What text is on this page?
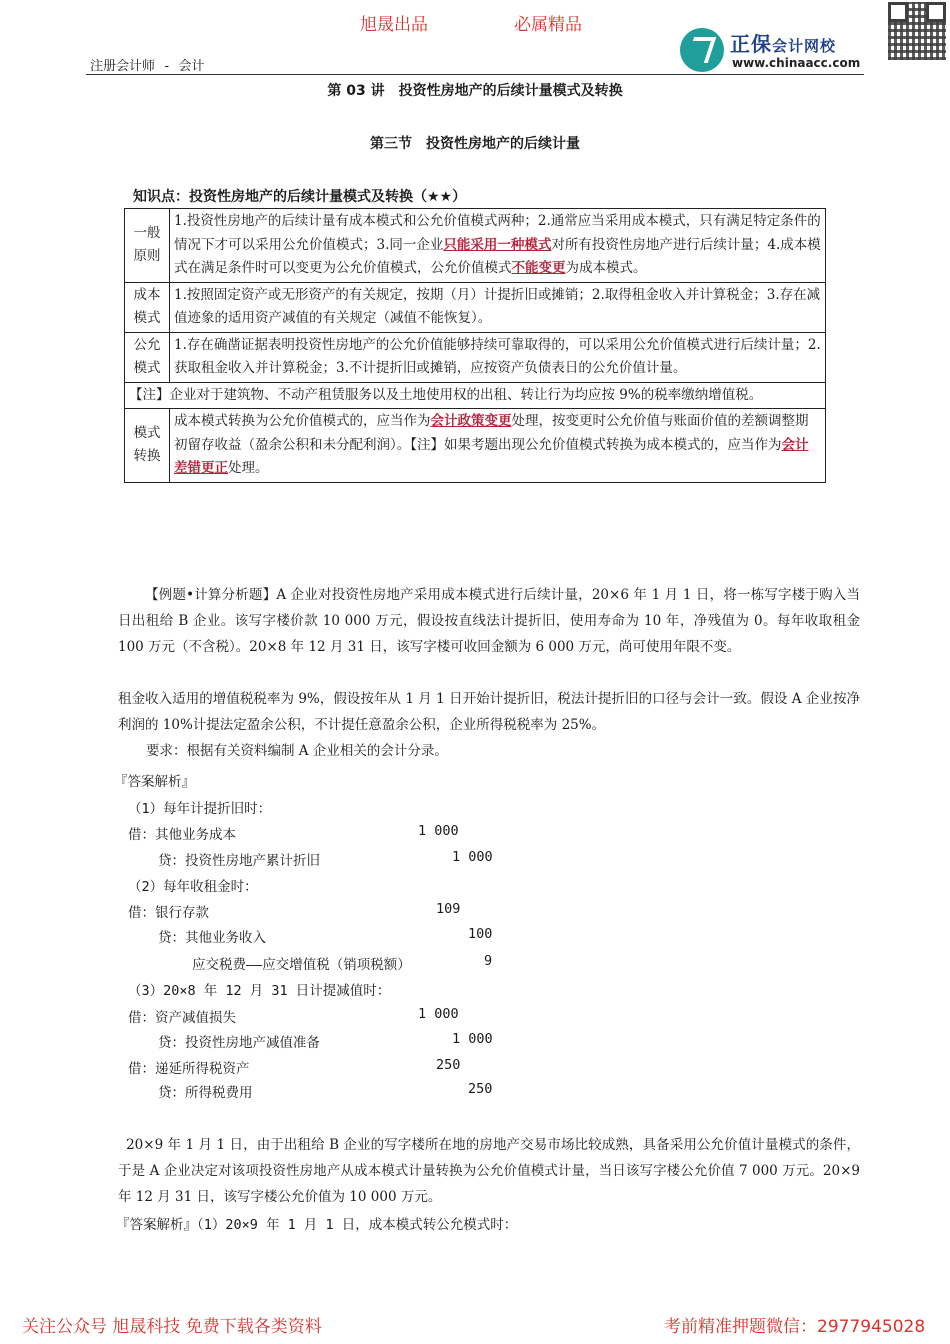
旭晟出品	必属精品
正保会计网校
www.chinaacc.com
注册会计师 - 会计
第 03 讲　投资性房地产的后续计量模式及转换
第三节　投资性房地产的后续计量
知识点：投资性房地产的后续计量模式及转换（★★）
一般原则	1.投资性房地产的后续计量有成本模式和公允价值模式两种；2.通常应当采用成本模式，只有满足特定条件的情况下才可以采用公允价值模式；3.同一企业只能采用一种模式对所有投资性房地产进行后续计量；4.成本模式在满足条件时可以变更为公允价值模式，公允价值模式不能变更为成本模式。
成本模式	1.按照固定资产或无形资产的有关规定，按期（月）计提折旧或摊销；2.取得租金收入并计算税金；3.存在减值迹象的适用资产减值的有关规定（减值不能恢复）。
公允模式	1.存在确凿证据表明投资性房地产的公允价值能够持续可靠取得的，可以采用公允价值模式进行后续计量；2.获取租金收入并计算税金；3.不计提折旧或摊销，应按资产负债表日的公允价值计量。
【注】企业对于建筑物、不动产租赁服务以及土地使用权的出租、转让行为均应按 9%的税率缴纳增值税。	
模式转换	成本模式转换为公允价值模式的，应当作为会计政策变更处理，按变更时公允价值与账面价值的差额调整期初留存收益（盈余公积和未分配利润）。【注】如果考题出现公允价值模式转换为成本模式的，应当作为会计差错更正处理。
【例题•计算分析题】A 企业对投资性房地产采用成本模式进行后续计量，20×6 年 1 月 1 日，将一栋写字楼于购入当日出租给 B 企业。该写字楼价款 10 000 万元，假设按直线法计提折旧，使用寿命为 10 年，净残值为 0。每年收取租金 100 万元（不含税）。20×8 年 12 月 31 日，该写字楼可收回金额为 6 000 万元，尚可使用年限不变。
租金收入适用的增值税税率为 9%，假设按年从 1 月 1 日开始计提折旧，税法计提折旧的口径与会计一致。假设 A 企业按净利润的 10%计提法定盈余公积，不计提任意盈余公积，企业所得税税率为 25%。
要求：根据有关资料编制 A 企业相关的会计分录。
『答案解析』
（1）每年计提折旧时：
借：其他业务成本	1 000
贷：投资性房地产累计折旧	1 000
（2）每年收租金时：
借：银行存款	109
贷：其他业务收入	100
应交税费——应交增值税（销项税额）	9
（3）20×8 年 12 月 31 日计提减值时：
借：资产减值损失	1 000
贷：投资性房地产减值准备	1 000
借：递延所得税资产	250
贷：所得税费用	250
20×9 年 1 月 1 日，由于出租给 B 企业的写字楼所在地的房地产交易市场比较成熟，具备采用公允价值计量模式的条件，于是 A 企业决定对该项投资性房地产从成本模式计量转换为公允价值模式计量，当日该写字楼公允价值 7 000 万元。20×9 年 12 月 31 日，该写字楼公允价值为 10 000 万元。
『答案解析』（1）20×9 年 1 月 1 日，成本模式转公允模式时：
关注公众号 旭晟科技 免费下载各类资料	考前精准押题微信：2977945028
